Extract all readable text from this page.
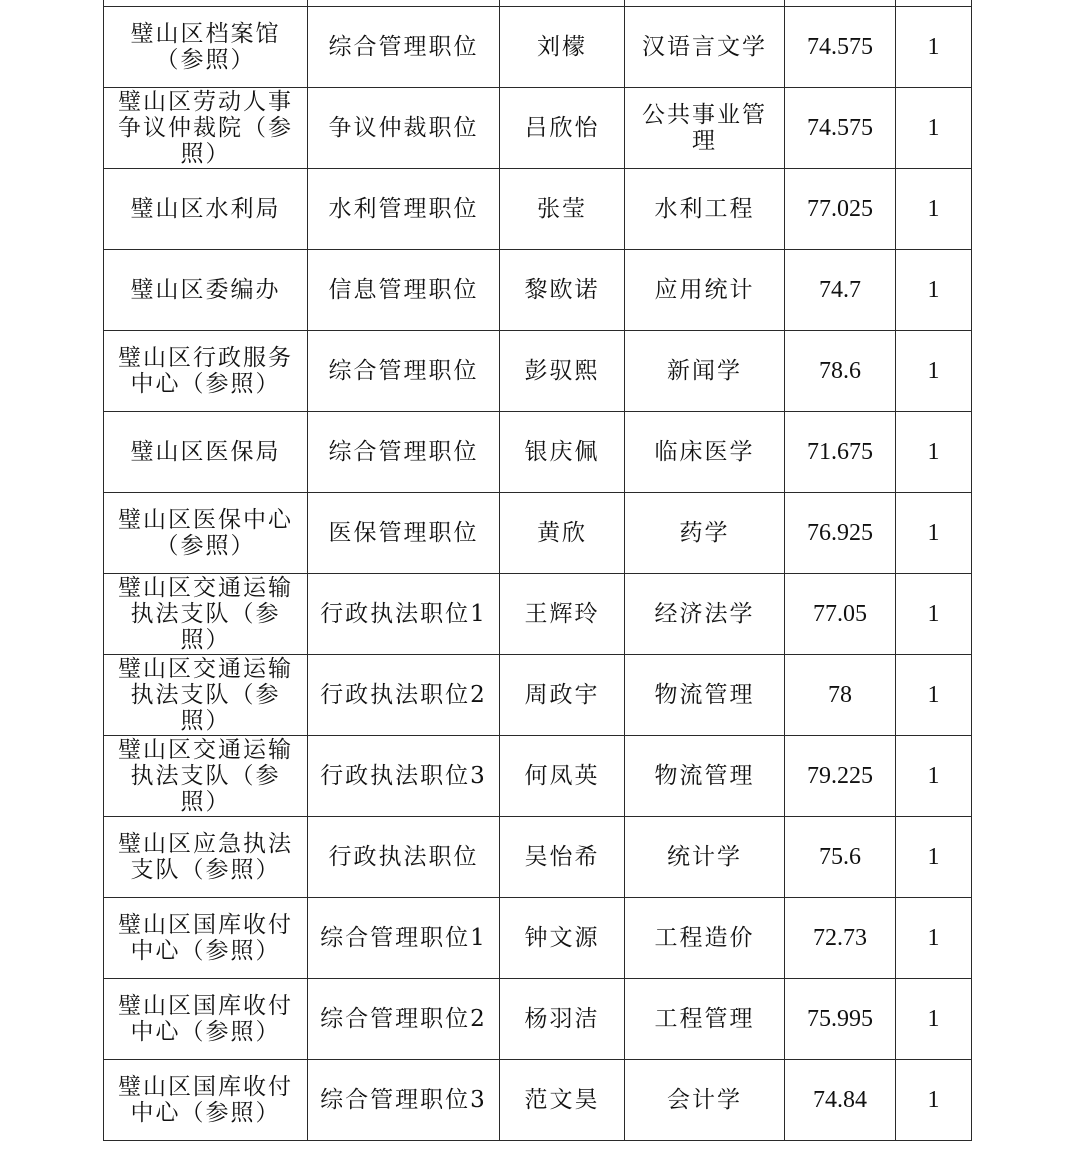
璧山区档案馆（参照）	综合管理职位	刘檬	汉语言文学	74.575	1
璧山区劳动人事争议仲裁院（参照）	争议仲裁职位	吕欣怡	公共事业管理	74.575	1
璧山区水利局	水利管理职位	张莹	水利工程	77.025	1
璧山区委编办	信息管理职位	黎欧诺	应用统计	74.7	1
璧山区行政服务中心（参照）	综合管理职位	彭驭熙	新闻学	78.6	1
璧山区医保局	综合管理职位	银庆佩	临床医学	71.675	1
璧山区医保中心（参照）	医保管理职位	黄欣	药学	76.925	1
璧山区交通运输执法支队（参照）	行政执法职位1	王辉玲	经济法学	77.05	1
璧山区交通运输执法支队（参照）	行政执法职位2	周政宇	物流管理	78	1
璧山区交通运输执法支队（参照）	行政执法职位3	何凤英	物流管理	79.225	1
璧山区应急执法支队（参照）	行政执法职位	吴怡希	统计学	75.6	1
璧山区国库收付中心（参照）	综合管理职位1	钟文源	工程造价	72.73	1
璧山区国库收付中心（参照）	综合管理职位2	杨羽洁	工程管理	75.995	1
璧山区国库收付中心（参照）	综合管理职位3	范文昊	会计学	74.84	1
